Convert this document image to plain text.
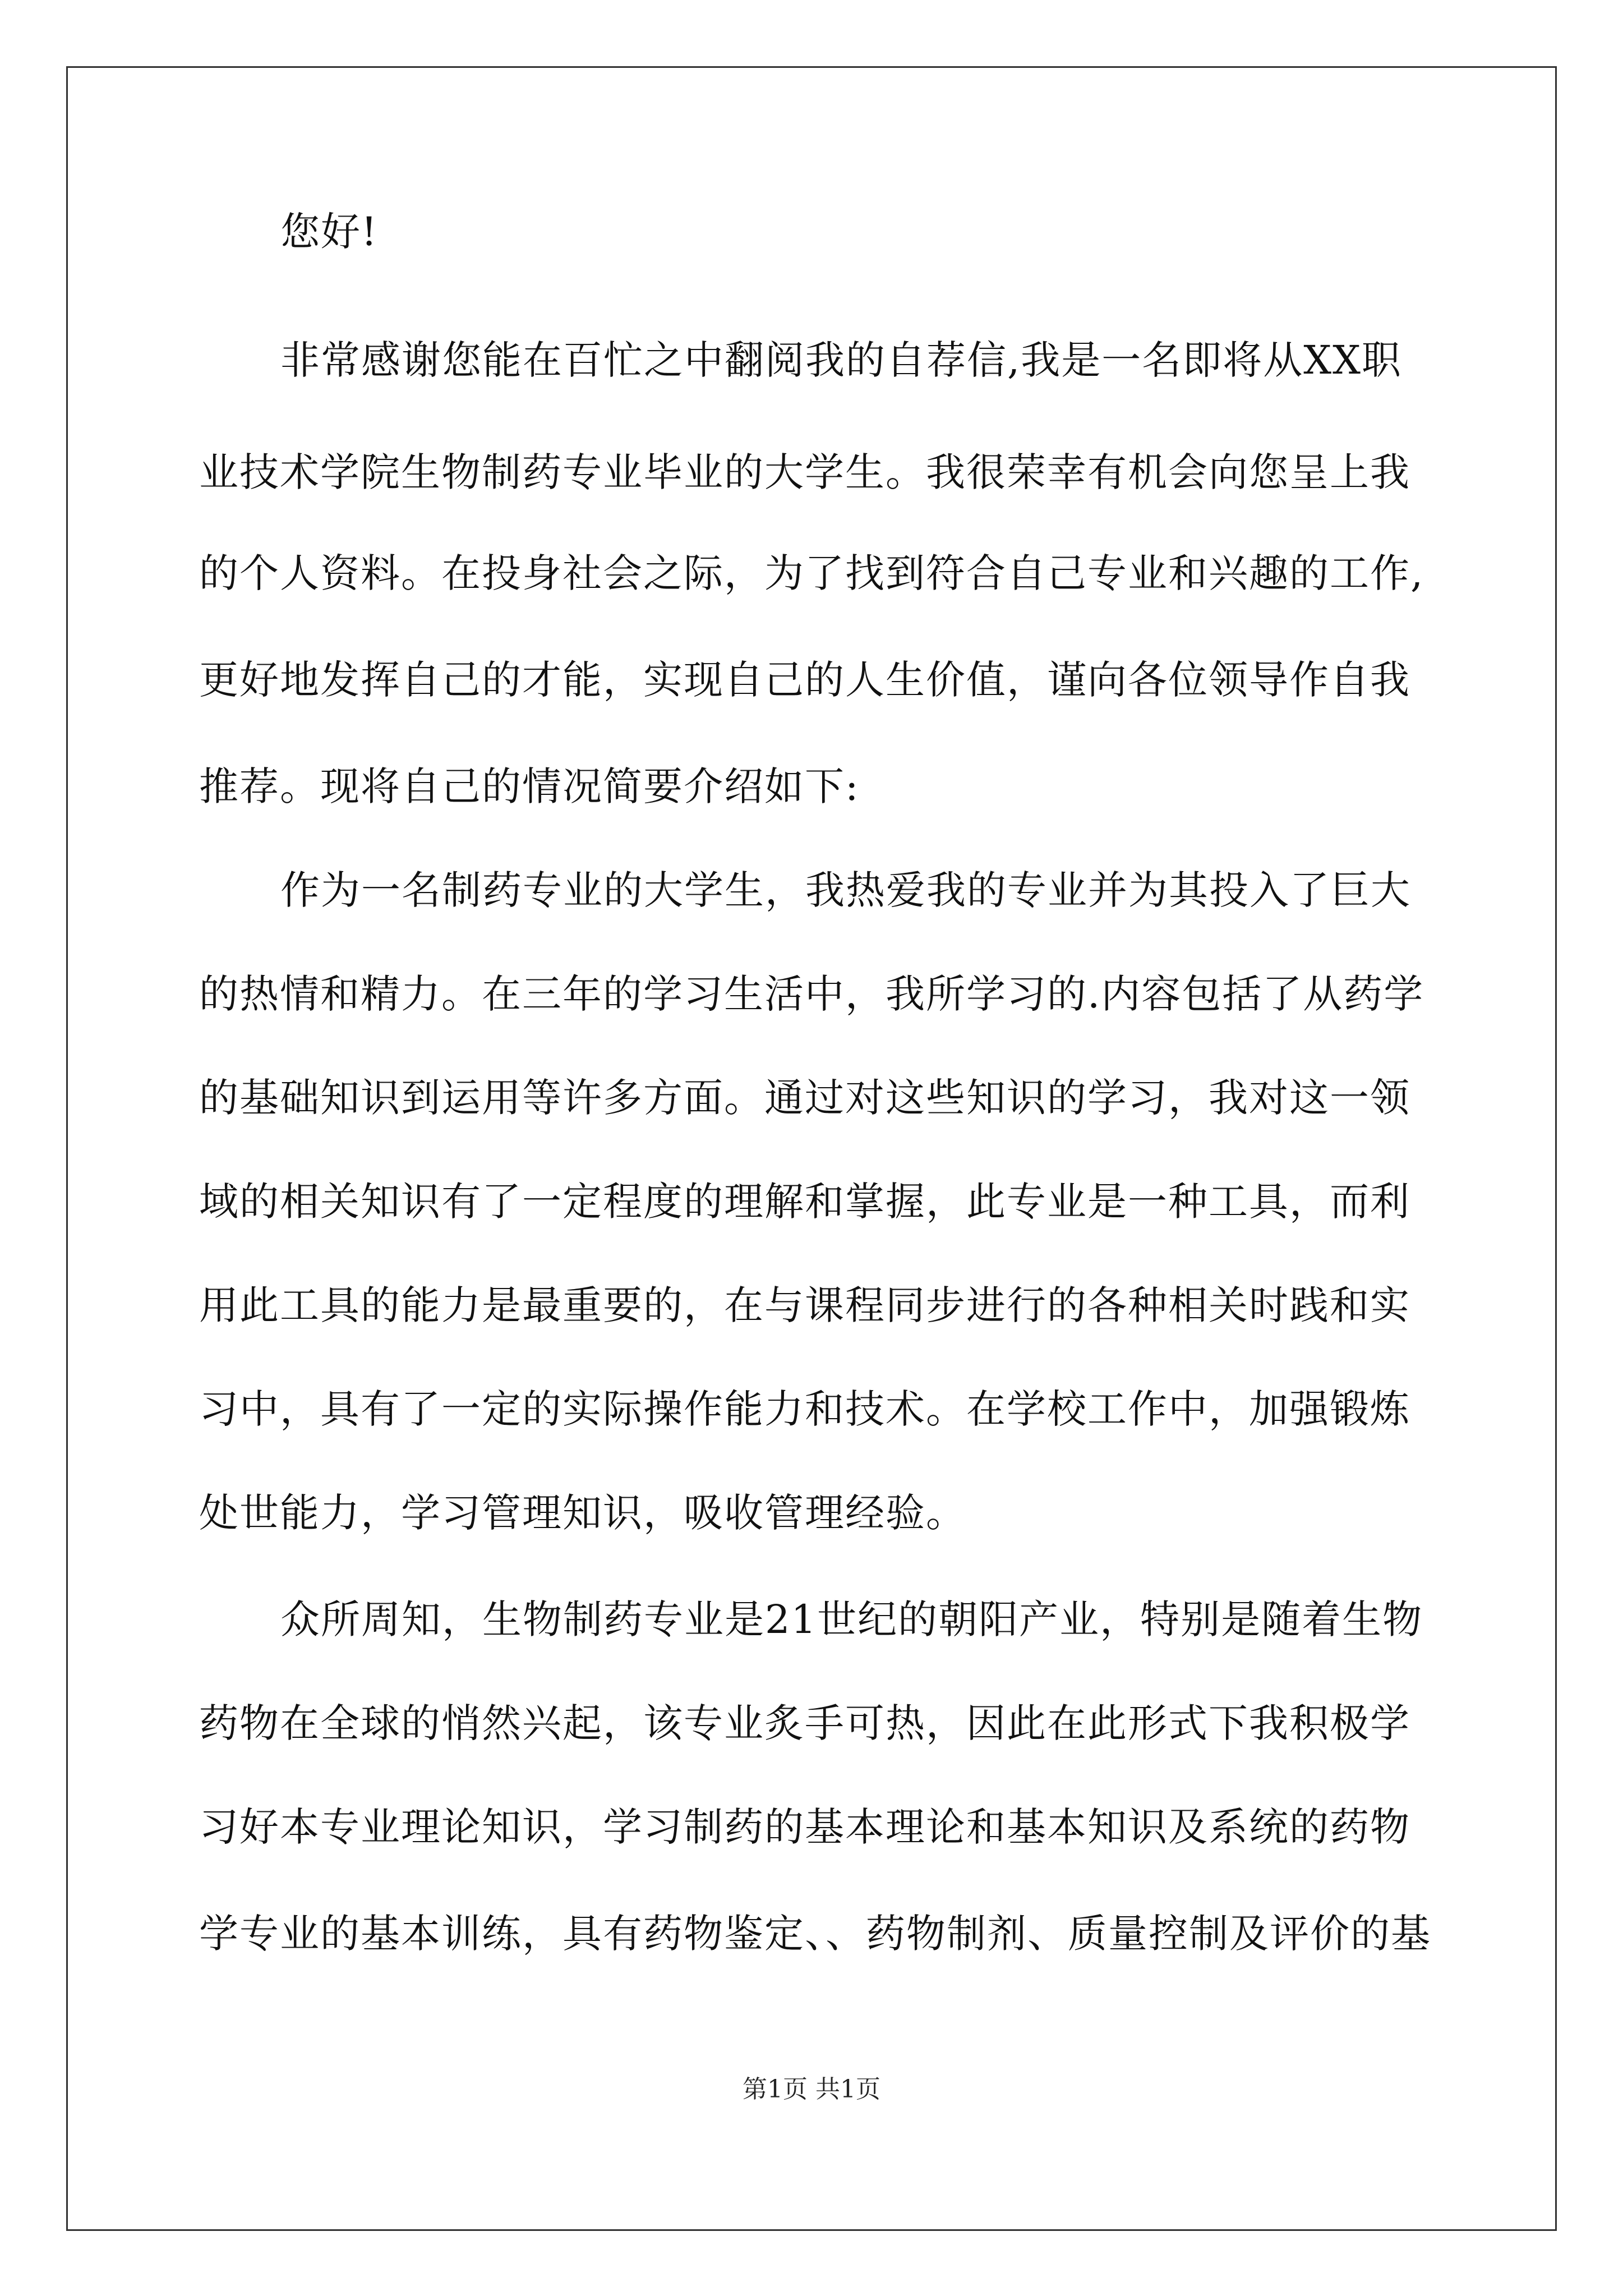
您好!
非常感谢您能在百忙之中翻阅我的自荐信,我是一名即将从XX职
业技术学院生物制药专业毕业的大学生。我很荣幸有机会向您呈上我
的个人资料。在投身社会之际，为了找到符合自己专业和兴趣的工作,
更好地发挥自己的才能，实现自己的人生价值，谨向各位领导作自我
推荐。现将自己的情况简要介绍如下:
作为一名制药专业的大学生，我热爱我的专业并为其投入了巨大
的热情和精力。在三年的学习生活中，我所学习的.内容包括了从药学
的基础知识到运用等许多方面。通过对这些知识的学习，我对这一领
域的相关知识有了一定程度的理解和掌握，此专业是一种工具，而利
用此工具的能力是最重要的，在与课程同步进行的各种相关时践和实
习中，具有了一定的实际操作能力和技术。在学校工作中，加强锻炼
处世能力，学习管理知识，吸收管理经验。
众所周知，生物制药专业是21世纪的朝阳产业，特别是随着生物
药物在全球的悄然兴起，该专业炙手可热，因此在此形式下我积极学
习好本专业理论知识，学习制药的基本理论和基本知识及系统的药物
学专业的基本训练，具有药物鉴定、、药物制剂、质量控制及评价的基
第1页 共1页
